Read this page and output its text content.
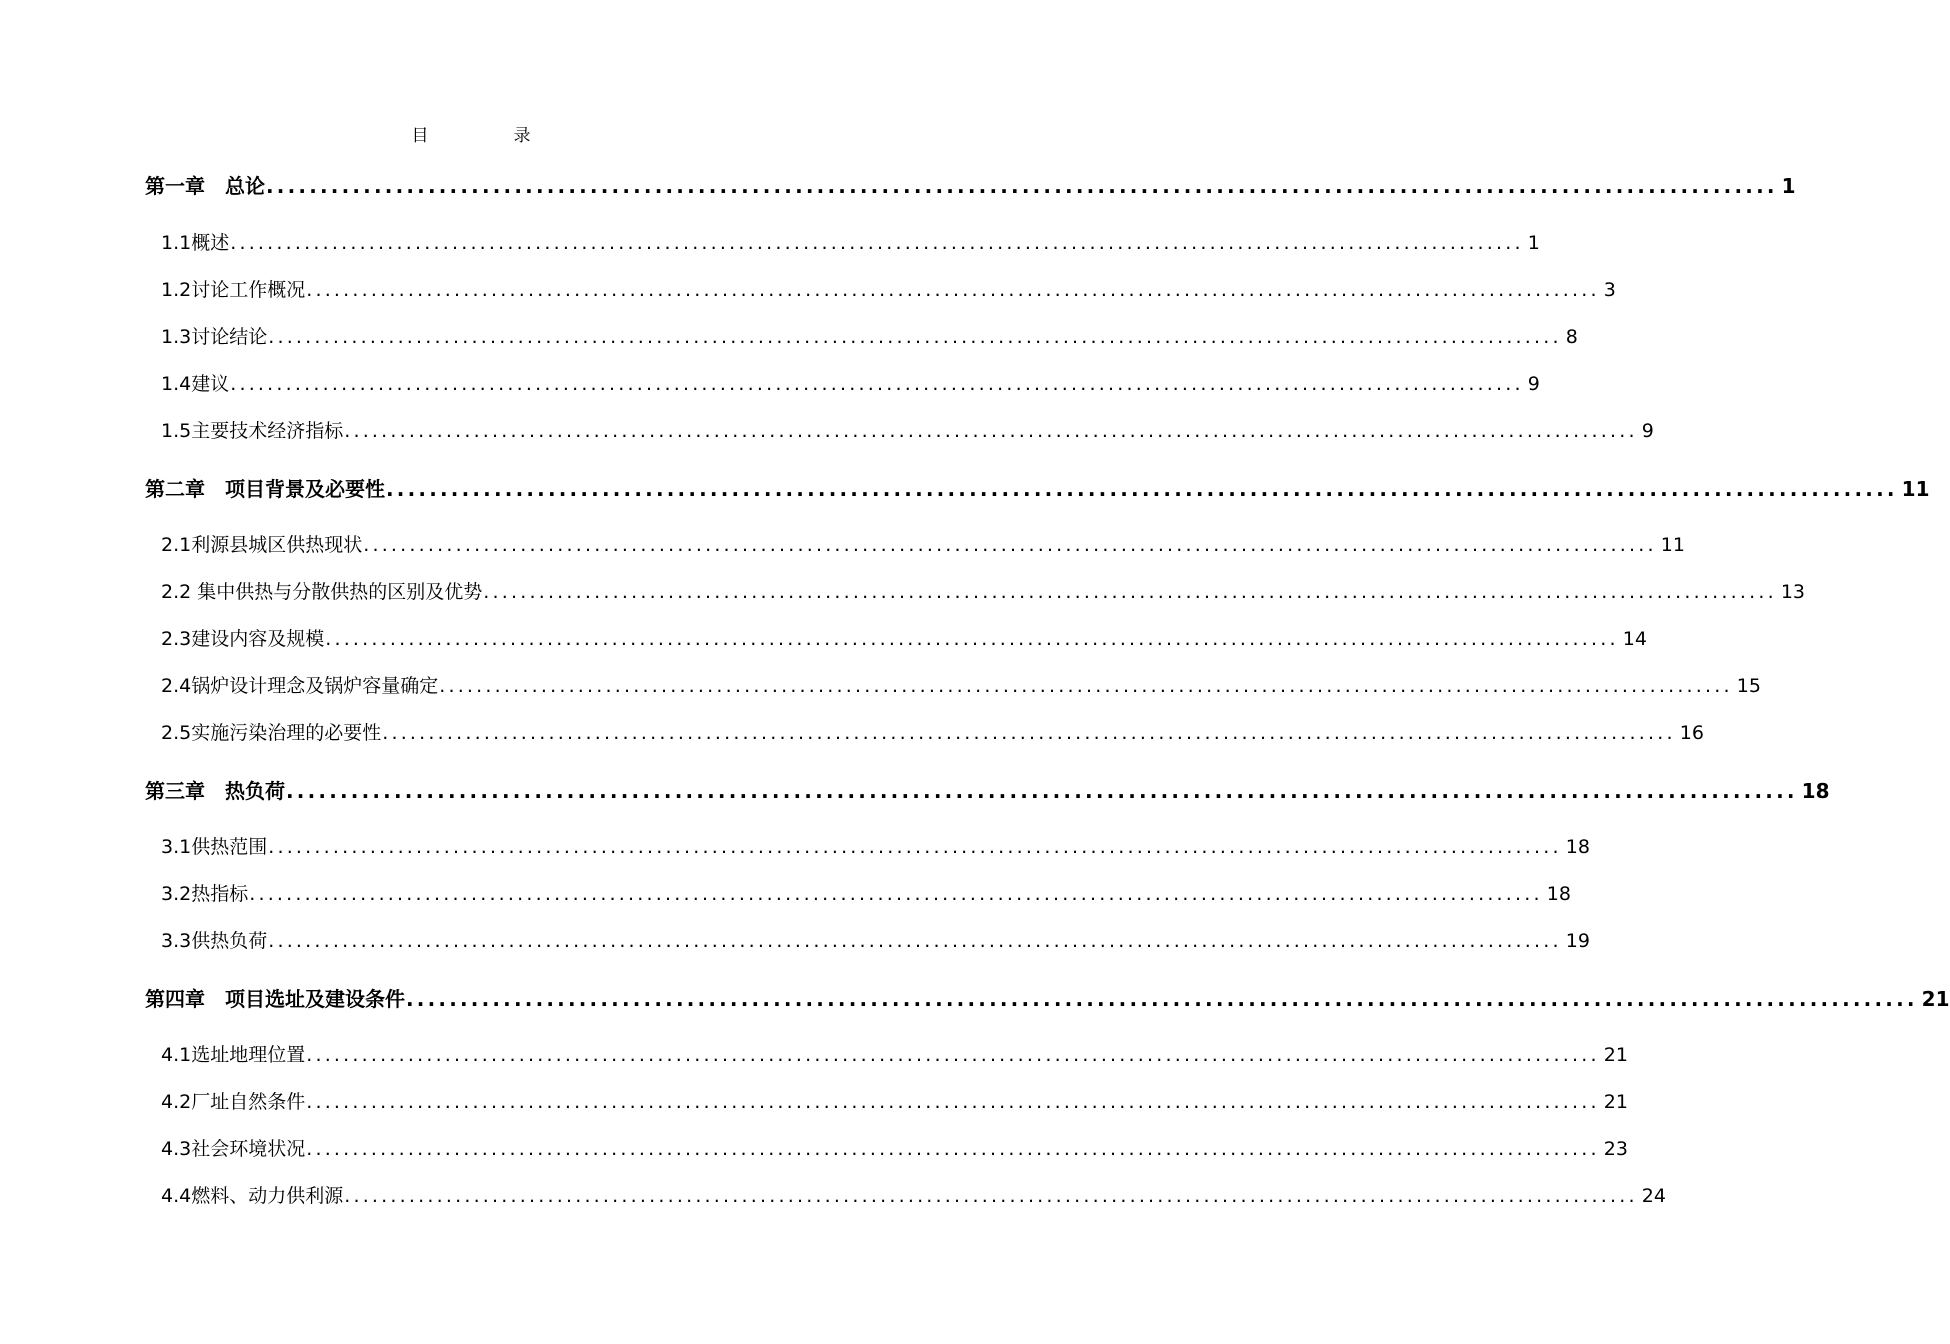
目　录
第一章　总论 ............................................................................................................................................ 1
1.1概述 ............................................................................................................................................ 1
1.2讨论工作概况 ............................................................................................................................................ 3
1.3讨论结论 ............................................................................................................................................ 8
1.4建议 ............................................................................................................................................ 9
1.5主要技术经济指标 ............................................................................................................................................ 9
第二章　项目背景及必要性 ............................................................................................................................................ 11
2.1利源县城区供热现状 ............................................................................................................................................ 11
2.2 集中供热与分散供热的区别及优势 ............................................................................................................................................ 13
2.3建设内容及规模 ............................................................................................................................................ 14
2.4锅炉设计理念及锅炉容量确定 ............................................................................................................................................ 15
2.5实施污染治理的必要性 ............................................................................................................................................ 16
第三章　热负荷 ............................................................................................................................................ 18
3.1供热范围 ............................................................................................................................................ 18
3.2热指标 ............................................................................................................................................ 18
3.3供热负荷 ............................................................................................................................................ 19
第四章　项目选址及建设条件 ............................................................................................................................................ 21
4.1选址地理位置 ............................................................................................................................................ 21
4.2厂址自然条件 ............................................................................................................................................ 21
4.3社会环境状况 ............................................................................................................................................ 23
4.4燃料、动力供利源 ............................................................................................................................................ 24
